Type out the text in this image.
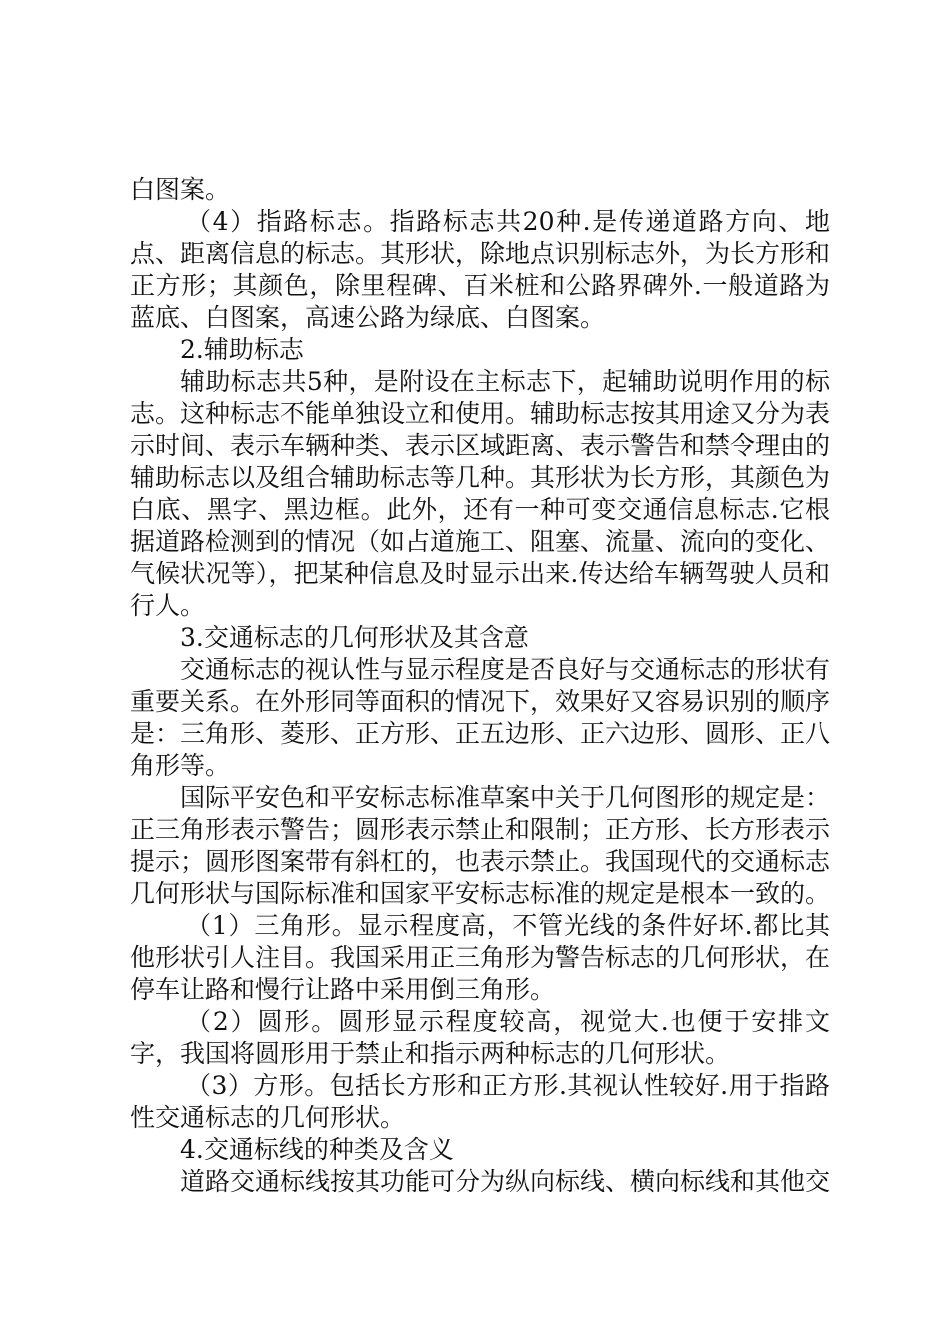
白图案。

（4）指路标志。指路标志共20种.是传递道路方向、地点、距离信息的标志。其形状，除地点识别标志外，为长方形和正方形；其颜色，除里程碑、百米桩和公路界碑外.一般道路为蓝底、白图案，高速公路为绿底、白图案。

2.辅助标志

辅助标志共5种，是附设在主标志下，起辅助说明作用的标志。这种标志不能单独设立和使用。辅助标志按其用途又分为表示时间、表示车辆种类、表示区域距离、表示警告和禁令理由的辅助标志以及组合辅助标志等几种。其形状为长方形，其颜色为白底、黑字、黑边框。此外，还有一种可变交通信息标志.它根据道路检测到的情况（如占道施工、阻塞、流量、流向的变化、气候状况等），把某种信息及时显示出来.传达给车辆驾驶人员和行人。

3.交通标志的几何形状及其含意

交通标志的视认性与显示程度是否良好与交通标志的形状有重要关系。在外形同等面积的情况下，效果好又容易识别的顺序是：三角形、菱形、正方形、正五边形、正六边形、圆形、正八角形等。

国际平安色和平安标志标准草案中关于几何图形的规定是：正三角形表示警告；圆形表示禁止和限制；正方形、长方形表示提示；圆形图案带有斜杠的，也表示禁止。我国现代的交通标志几何形状与国际标准和国家平安标志标准的规定是根本一致的。

（1）三角形。显示程度高，不管光线的条件好坏.都比其他形状引人注目。我国采用正三角形为警告标志的几何形状，在停车让路和慢行让路中采用倒三角形。

（2）圆形。圆形显示程度较高，视觉大.也便于安排文字，我国将圆形用于禁止和指示两种标志的几何形状。

（3）方形。包括长方形和正方形.其视认性较好.用于指路性交通标志的几何形状。

4.交通标线的种类及含义

道路交通标线按其功能可分为纵向标线、横向标线和其他交
